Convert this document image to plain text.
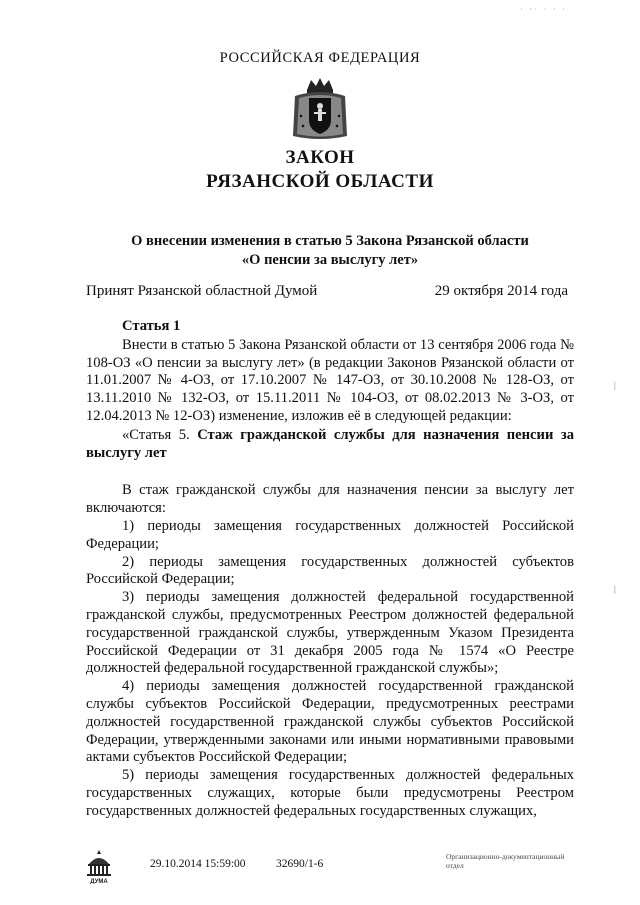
· ·· · · ·
РОССИЙСКАЯ ФЕДЕРАЦИЯ
ЗАКОН
РЯЗАНСКОЙ ОБЛАСТИ
О внесении изменения в статью 5 Закона Рязанской области
«О пенсии за выслугу лет»
Принят Рязанской областной Думой	29 октября 2014 года

Статья 1

Внести в статью 5 Закона Рязанской области от 13 сентября 2006 года № 108-ОЗ «О пенсии за выслугу лет» (в редакции Законов Рязанской области от 11.01.2007 № 4-ОЗ, от 17.10.2007 № 147-ОЗ, от 30.10.2008 № 128-ОЗ, от 13.11.2010 № 132-ОЗ, от 15.11.2011 № 104-ОЗ, от 08.02.2013 № 3-ОЗ, от 12.04.2013 № 12-ОЗ) изменение, изложив её в следующей редакции:

«Статья 5. Стаж гражданской службы для назначения пенсии за выслугу лет

В стаж гражданской службы для назначения пенсии за выслугу лет включаются:

1) периоды замещения государственных должностей Российской Федерации;

2) периоды замещения государственных должностей субъектов Российской Федерации;

3) периоды замещения должностей федеральной государственной гражданской службы, предусмотренных Реестром должностей федеральной государственной гражданской службы, утвержденным Указом Президента Российской Федерации от 31 декабря 2005 года № 1574 «О Реестре должностей федеральной государственной гражданской службы»;

4) периоды замещения должностей государственной гражданской службы субъектов Российской Федерации, предусмотренных реестрами должностей государственной гражданской службы субъектов Российской Федерации, утвержденными законами или иными нормативными правовыми актами субъектов Российской Федерации;

5) периоды замещения государственных должностей федеральных государственных служащих, которые были предусмотрены Реестром государственных должностей федеральных государственных служащих,

|
|
ДУМА
29.10.2014 15:59:00	32690/1-6
Организационно-документационный
отдел
